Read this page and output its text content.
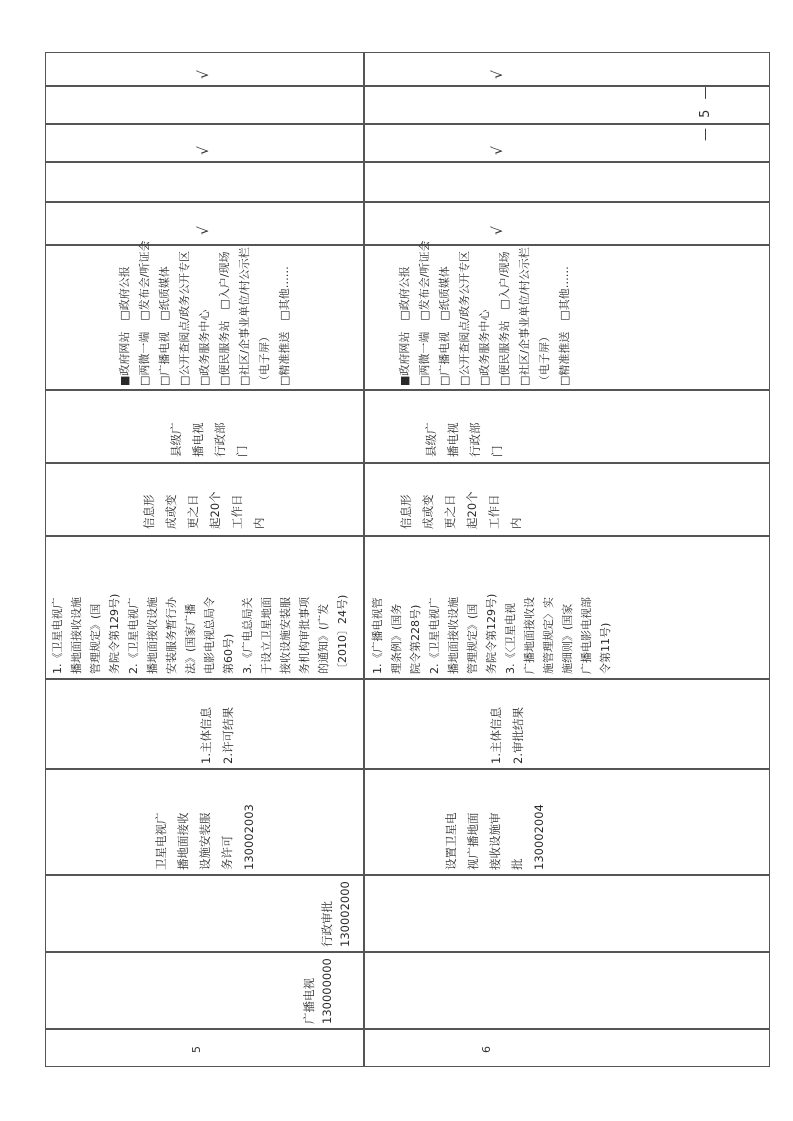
5
广播电视
130000000
行政审批
130002000
卫星电视广
播地面接收
设施安装服
务许可
130002003
1.主体信息
2.许可结果
1.《卫星电视广
播地面接收设施
管理规定》(国
务院令第129号)
2.《卫星电视广
播地面接收设施
安装服务暂行办
法》(国家广播
电影电视总局令
第60号)
3.《广电总局关
于设立卫星地面
接收设施安装服
务机构审批事项
的通知》(广发
〔2010〕24号)
信息形
成或变
更之日
起20个
工作日
内
县级广
播电视
行政部
门
■政府网站　□政府公报
□两微一端　□发布会/听证会
□广播电视　□纸质媒体
□公开查阅点/政务公开专区
□政务服务中心
□便民服务站　□入户/现场
□社区/企事业单位/村公示栏
（电子屏）
□精准推送　□其他……
√
√
√
6
设置卫星电
视广播地面
接收设施审
批
130002004
1.主体信息
2.审批结果
1.《广播电视管
理条例》(国务
院令第228号)
2.《卫星电视广
播地面接收设施
管理规定》(国
务院令第129号)
3.《〈卫星电视
广播地面接收设
施管理规定〉实
施细则》(国家
广播电影电视部
令第11号)
信息形
成或变
更之日
起20个
工作日
内
县级广
播电视
行政部
门
■政府网站　□政府公报
□两微一端　□发布会/听证会
□广播电视　□纸质媒体
□公开查阅点/政务公开专区
□政务服务中心
□便民服务站　□入户/现场
□社区/企事业单位/村公示栏
（电子屏）
□精准推送　□其他……
√
√
√
— 5 —
